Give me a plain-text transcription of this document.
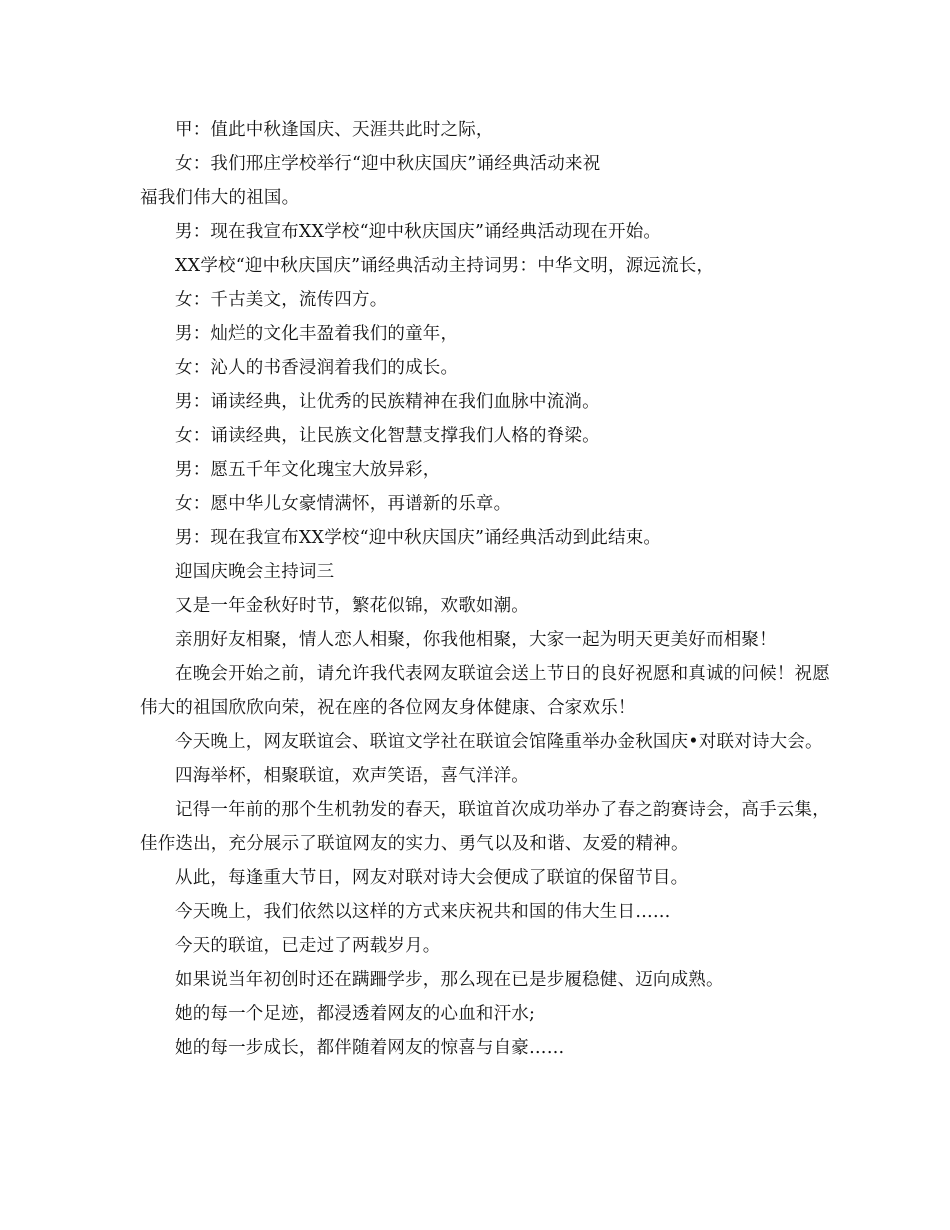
甲：值此中秋逢国庆、天涯共此时之际，

女：我们邢庄学校举行“迎中秋庆国庆”诵经典活动来祝

福我们伟大的祖国。

男：现在我宣布XX学校“迎中秋庆国庆”诵经典活动现在开始。

XX学校“迎中秋庆国庆”诵经典活动主持词男：中华文明，源远流长，

女：千古美文，流传四方。

男：灿烂的文化丰盈着我们的童年，

女：沁人的书香浸润着我们的成长。

男：诵读经典，让优秀的民族精神在我们血脉中流淌。

女：诵读经典，让民族文化智慧支撑我们人格的脊梁。

男：愿五千年文化瑰宝大放异彩，

女：愿中华儿女豪情满怀，再谱新的乐章。

男：现在我宣布XX学校“迎中秋庆国庆”诵经典活动到此结束。

迎国庆晚会主持词三

又是一年金秋好时节，繁花似锦，欢歌如潮。

亲朋好友相聚，情人恋人相聚，你我他相聚，大家一起为明天更美好而相聚！

在晚会开始之前，请允许我代表网友联谊会送上节日的良好祝愿和真诚的问候！祝愿伟大的祖国欣欣向荣，祝在座的各位网友身体健康、合家欢乐！

今天晚上，网友联谊会、联谊文学社在联谊会馆隆重举办金秋国庆•对联对诗大会。

四海举杯，相聚联谊，欢声笑语，喜气洋洋。

记得一年前的那个生机勃发的春天，联谊首次成功举办了春之韵赛诗会，高手云集，佳作迭出，充分展示了联谊网友的实力、勇气以及和谐、友爱的精神。

从此，每逢重大节日，网友对联对诗大会便成了联谊的保留节目。

今天晚上，我们依然以这样的方式来庆祝共和国的伟大生日……

今天的联谊，已走过了两载岁月。

如果说当年初创时还在蹒跚学步，那么现在已是步履稳健、迈向成熟。

她的每一个足迹，都浸透着网友的心血和汗水;

她的每一步成长，都伴随着网友的惊喜与自豪……
